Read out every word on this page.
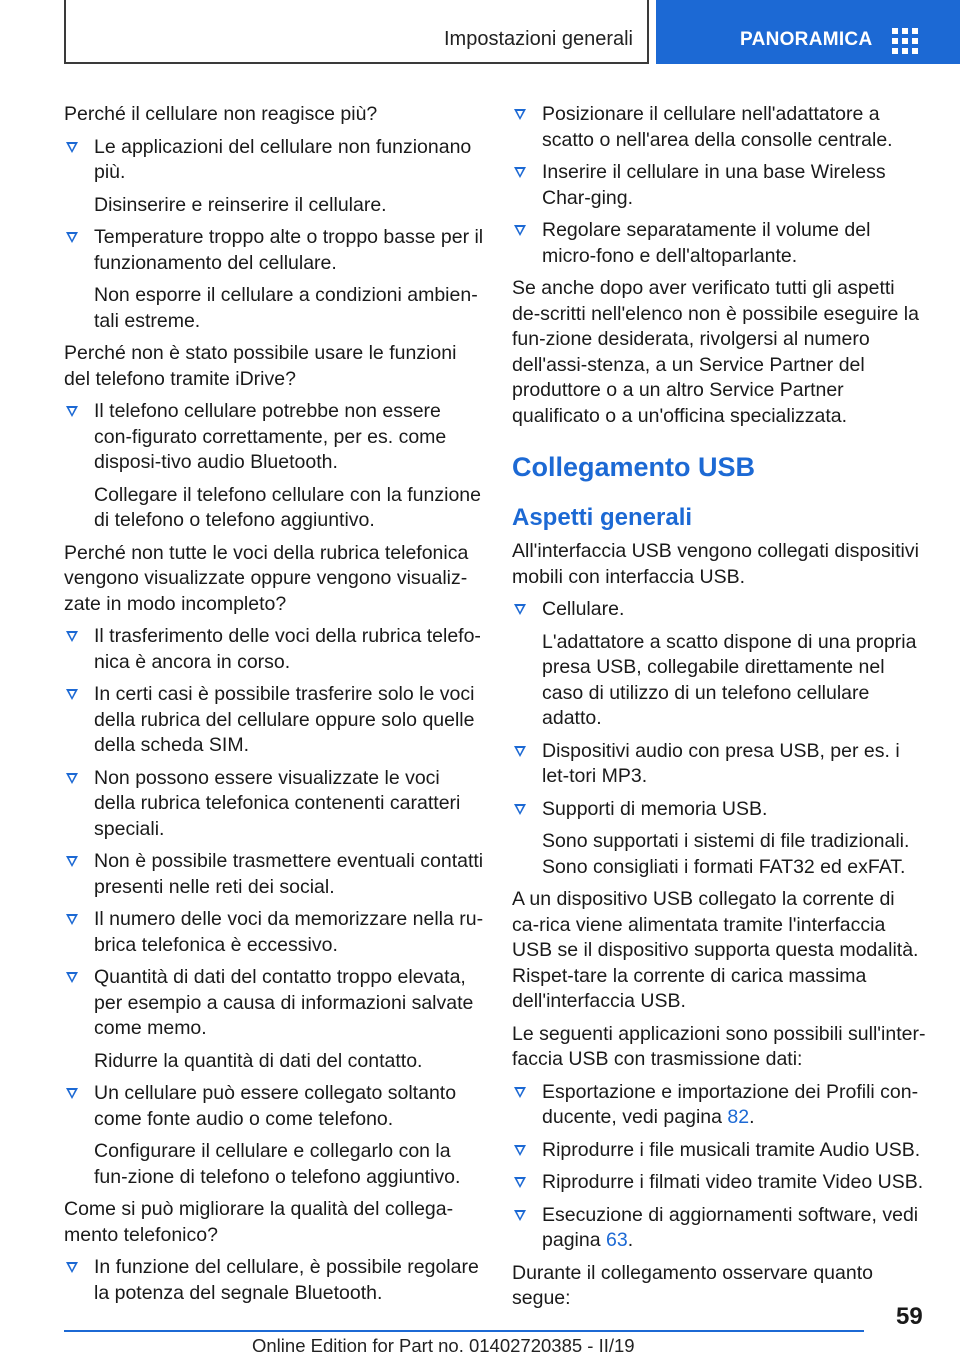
Impostazioni generali	PANORAMICA

Perché il cellulare non reagisce più?

Le applicazioni del cellulare non funzionano più.

Disinserire e reinserire il cellulare.

Temperature troppo alte o troppo basse per il funzionamento del cellulare.

Non esporre il cellulare a condizioni ambien-tali estreme.

Perché non è stato possibile usare le funzioni del telefono tramite iDrive?

Il telefono cellulare potrebbe non essere con-figurato correttamente, per es. come disposi-tivo audio Bluetooth.

Collegare il telefono cellulare con la funzione di telefono o telefono aggiuntivo.

Perché non tutte le voci della rubrica telefonica vengono visualizzate oppure vengono visualiz-zate in modo incompleto?

Il trasferimento delle voci della rubrica telefo-nica è ancora in corso.
In certi casi è possibile trasferire solo le voci della rubrica del cellulare oppure solo quelle della scheda SIM.
Non possono essere visualizzate le voci della rubrica telefonica contenenti caratteri speciali.
Non è possibile trasmettere eventuali contatti presenti nelle reti dei social.
Il numero delle voci da memorizzare nella ru-brica telefonica è eccessivo.
Quantità di dati del contatto troppo elevata, per esempio a causa di informazioni salvate come memo.

Ridurre la quantità di dati del contatto.

Un cellulare può essere collegato soltanto come fonte audio o come telefono.

Configurare il cellulare e collegarlo con la fun-zione di telefono o telefono aggiuntivo.

Come si può migliorare la qualità del collega-mento telefonico?

In funzione del cellulare, è possibile regolare la potenza del segnale Bluetooth.
Posizionare il cellulare nell'adattatore a scatto o nell'area della consolle centrale.
Inserire il cellulare in una base Wireless Char-ging.
Regolare separatamente il volume del micro-fono e dell'altoparlante.

Se anche dopo aver verificato tutti gli aspetti de-scritti nell'elenco non è possibile eseguire la fun-zione desiderata, rivolgersi al numero dell'assi-stenza, a un Service Partner del produttore o a un altro Service Partner qualificato o a un'officina specializzata.

Collegamento USB
Aspetti generali

All'interfaccia USB vengono collegati dispositivi mobili con interfaccia USB.

Cellulare.

L'adattatore a scatto dispone di una propria presa USB, collegabile direttamente nel caso di utilizzo di un telefono cellulare adatto.

Dispositivi audio con presa USB, per es. i let-tori MP3.
Supporti di memoria USB.

Sono supportati i sistemi di file tradizionali. Sono consigliati i formati FAT32 ed exFAT.

A un dispositivo USB collegato la corrente di ca-rica viene alimentata tramite l'interfaccia USB se il dispositivo supporta questa modalità. Rispet-tare la corrente di carica massima dell'interfaccia USB.

Le seguenti applicazioni sono possibili sull'inter-faccia USB con trasmissione dati:

Esportazione e importazione dei Profili con-ducente, vedi pagina 82.
Riprodurre i file musicali tramite Audio USB.
Riprodurre i filmati video tramite Video USB.
Esecuzione di aggiornamenti software, vedi pagina 63.

Durante il collegamento osservare quanto segue:

59
Online Edition for Part no. 01402720385 - II/19
